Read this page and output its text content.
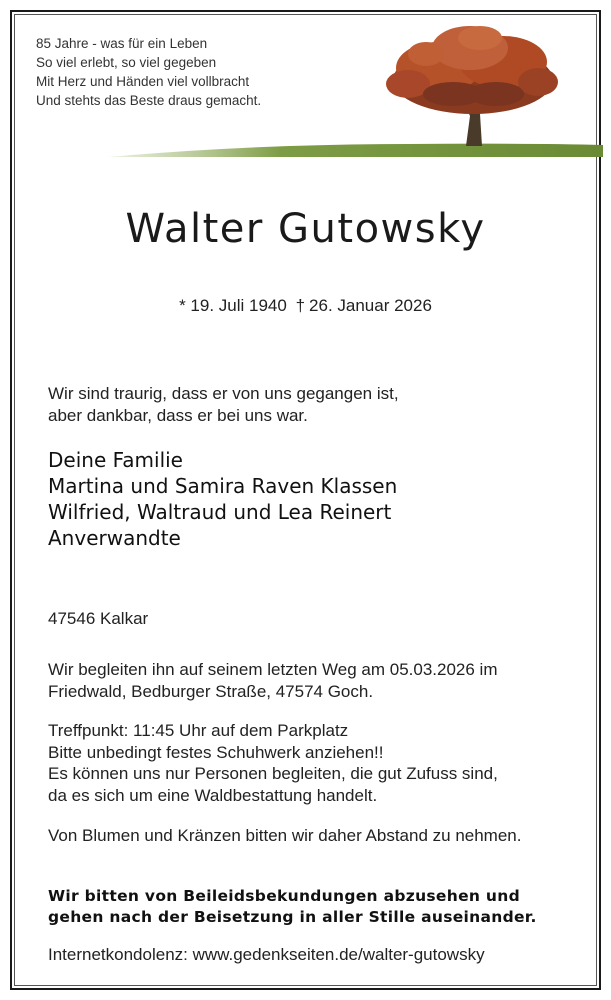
85 Jahre - was für ein Leben
So viel erlebt, so viel gegeben
Mit Herz und Händen viel vollbracht
Und stehts das Beste draus gemacht.
Walter Gutowsky
* 19. Juli 1940 † 26. Januar 2026
Wir sind traurig, dass er von uns gegangen ist,
aber dankbar, dass er bei uns war.
Deine Familie
Martina und Samira Raven Klassen
Wilfried, Waltraud und Lea Reinert
Anverwandte
47546 Kalkar
Wir begleiten ihn auf seinem letzten Weg am 05.03.2026 im
Friedwald, Bedburger Straße, 47574 Goch.
Treffpunkt: 11:45 Uhr auf dem Parkplatz
Bitte unbedingt festes Schuhwerk anziehen!!
Es können uns nur Personen begleiten, die gut Zufuss sind,
da es sich um eine Waldbestattung handelt.
Von Blumen und Kränzen bitten wir daher Abstand zu nehmen.
Wir bitten von Beileidsbekundungen abzusehen und
gehen nach der Beisetzung in aller Stille auseinander.
Internetkondolenz: www.gedenkseiten.de/walter-gutowsky
